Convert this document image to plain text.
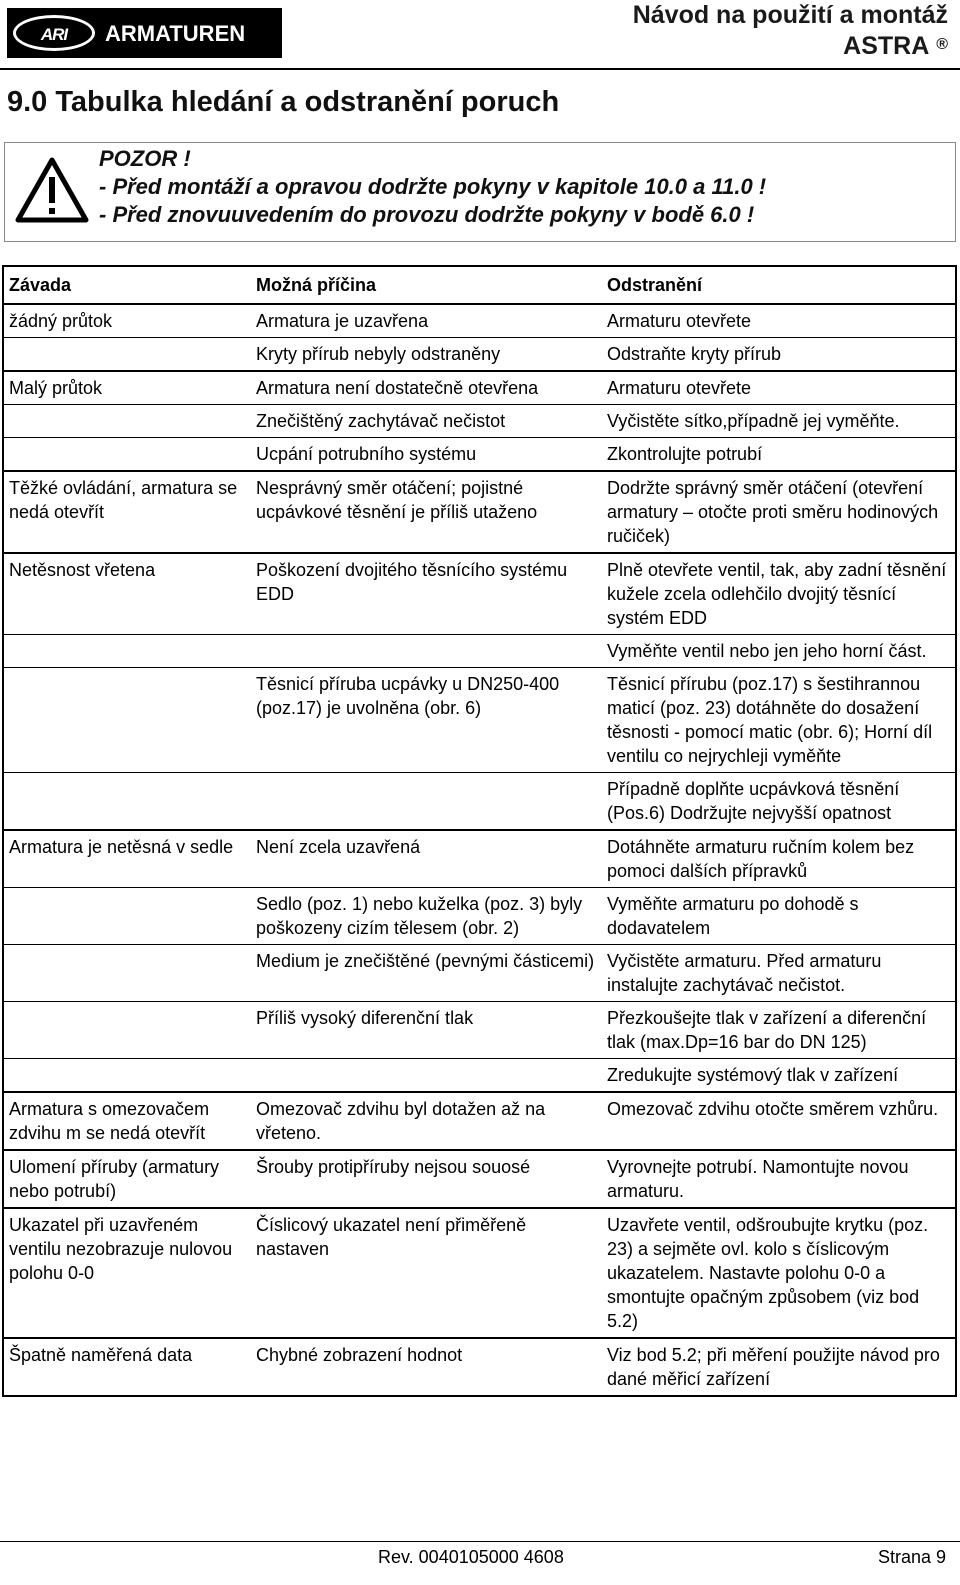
ARI	ARMATUREN
Návod na použití a montáž
ASTRA ®
9.0 Tabulka hledání a odstranění poruch
POZOR !
- Před montáží a opravou dodržte pokyny v kapitole 10.0 a 11.0 !
- Před znovuuvedením do provozu dodržte pokyny v bodě 6.0 !
Závada	Možná příčina	Odstranění
žádný průtok	Armatura je uzavřena	Armaturu otevřete
	Kryty přírub nebyly odstraněny	Odstraňte kryty přírub
Malý průtok	Armatura není dostatečně otevřena	Armaturu otevřete
	Znečištěný zachytávač nečistot	Vyčistěte sítko,případně jej vyměňte.
	Ucpání potrubního systému	Zkontrolujte potrubí
Těžké ovládání, armatura se nedá otevřít	Nesprávný směr otáčení; pojistné ucpávkové těsnění je příliš utaženo	Dodržte správný směr otáčení (otevření armatury – otočte proti směru hodinových ručiček)
Netěsnost vřetena	Poškození dvojitého těsnícího systému EDD	Plně otevřete ventil, tak, aby zadní těsnění kužele zcela odlehčilo dvojitý těsnící systém EDD
		Vyměňte ventil nebo jen jeho horní část.
	Těsnicí příruba ucpávky u DN250-400 (poz.17) je uvolněna (obr. 6)	Těsnicí přírubu (poz.17) s šestihrannou maticí (poz. 23) dotáhněte do dosažení těsnosti - pomocí matic (obr. 6); Horní díl ventilu co nejrychleji vyměňte
		Případně doplňte ucpávková těsnění (Pos.6) Dodržujte nejvyšší opatnost
Armatura je netěsná v sedle	Není zcela uzavřená	Dotáhněte armaturu ručním kolem bez pomoci dalších přípravků
	Sedlo (poz. 1) nebo kuželka (poz. 3) byly poškozeny cizím tělesem (obr. 2)	Vyměňte armaturu po dohodě s dodavatelem
	Medium je znečištěné (pevnými částicemi)	Vyčistěte armaturu. Před armaturu instalujte zachytávač nečistot.
	Příliš vysoký diferenční tlak	Přezkoušejte tlak v zařízení a diferenční tlak (max.Dp=16 bar do DN 125)
		Zredukujte systémový tlak v zařízení
Armatura s omezovačem zdvihu m se nedá otevřít	Omezovač zdvihu byl dotažen až na vřeteno.	Omezovač zdvihu otočte směrem vzhůru.
Ulomení příruby (armatury nebo potrubí)	Šrouby protipříruby nejsou souosé	Vyrovnejte potrubí. Namontujte novou armaturu.
Ukazatel při uzavřeném ventilu nezobrazuje nulovou polohu 0-0	Číslicový ukazatel není přiměřeně nastaven	Uzavřete ventil, odšroubujte krytku (poz. 23) a sejměte ovl. kolo s číslicovým ukazatelem. Nastavte polohu 0-0 a smontujte opačným způsobem (viz bod 5.2)
Špatně naměřená data	Chybné zobrazení hodnot	Viz bod 5.2; při měření použijte návod pro dané měřicí zařízení
Rev. 0040105000 4608	Strana 9
